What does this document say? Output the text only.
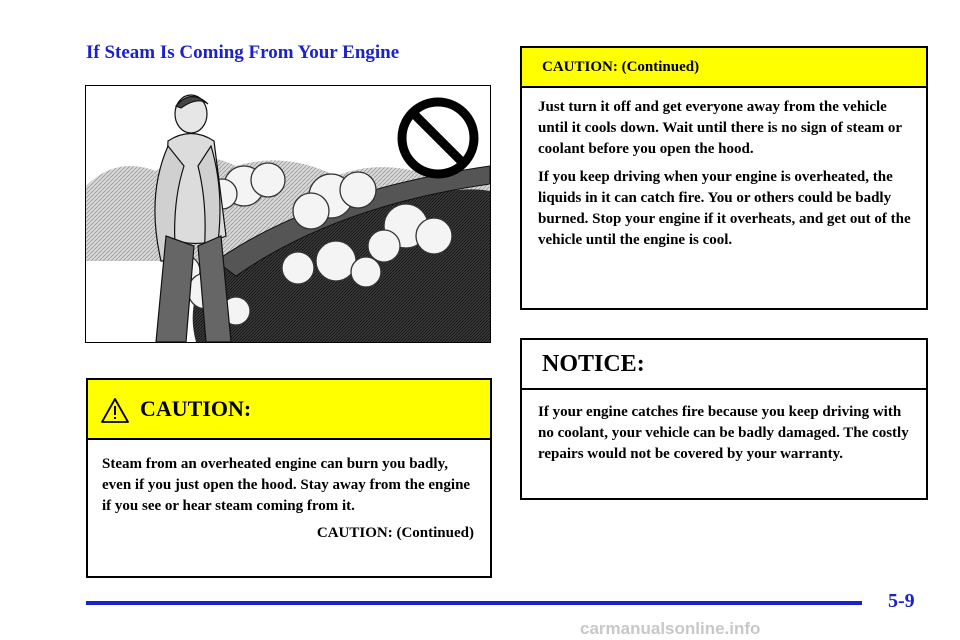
If Steam Is Coming From Your Engine
CAUTION:
Steam from an overheated engine can burn you badly, even if you just open the hood. Stay away from the engine if you see or hear steam coming from it.
CAUTION: (Continued)
CAUTION: (Continued)

Just turn it off and get everyone away from the vehicle until it cools down. Wait until there is no sign of steam or coolant before you open the hood.

If you keep driving when your engine is overheated, the liquids in it can catch fire. You or others could be badly burned. Stop your engine if it overheats, and get out of the vehicle until the engine is cool.

NOTICE:
If your engine catches fire because you keep driving with no coolant, your vehicle can be badly damaged. The costly repairs would not be covered by your warranty.
5-9
carmanualsonline.info
